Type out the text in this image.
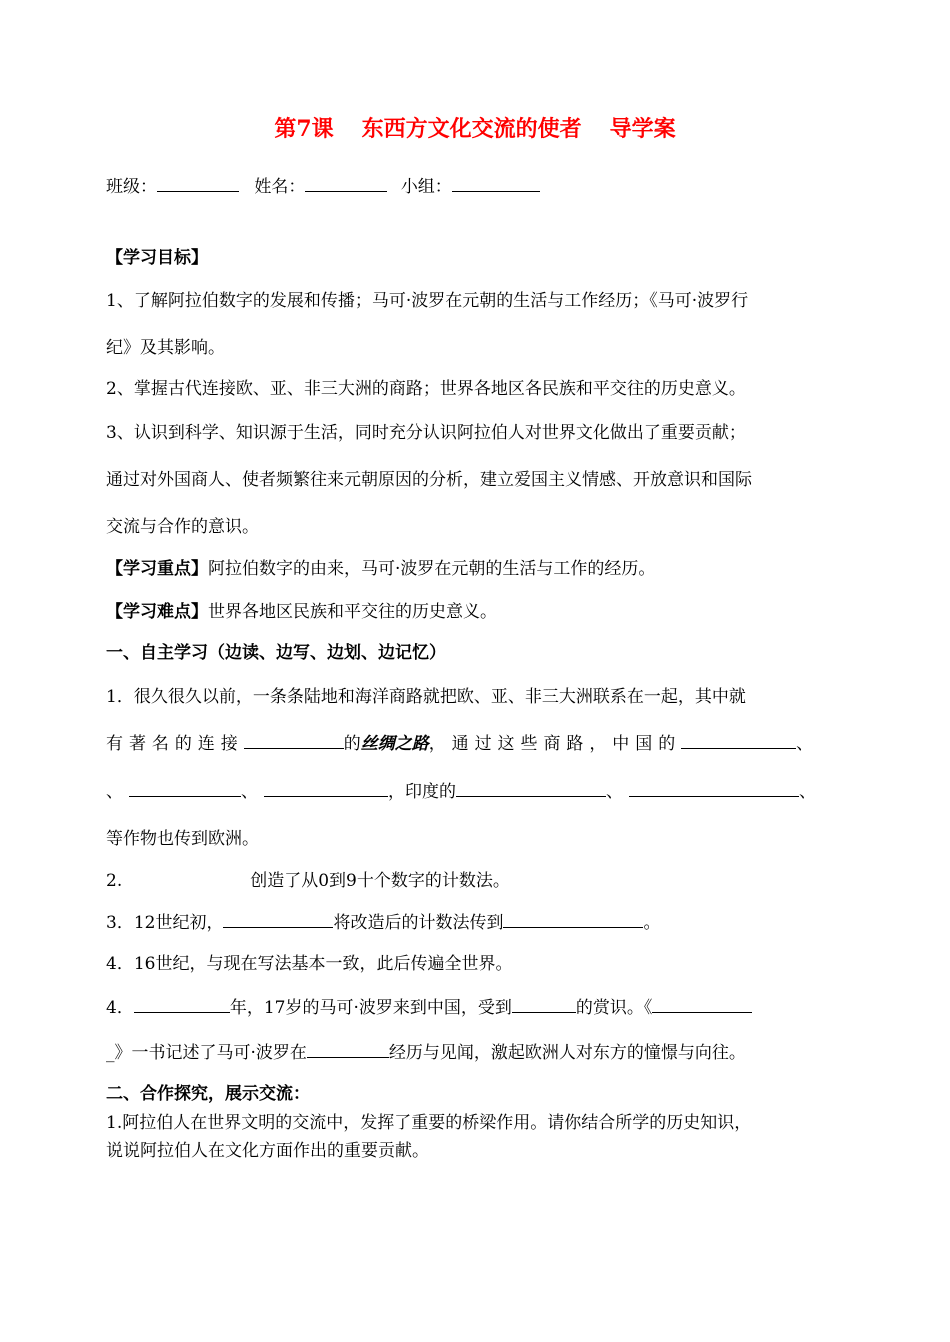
第7课 东西方文化交流的使者 导学案
班级：	姓名：	小组：
【学习目标】
1、了解阿拉伯数字的发展和传播；马可·波罗在元朝的生活与工作经历；《马可·波罗行
纪》及其影响。
2、掌握古代连接欧、亚、非三大洲的商路；世界各地区各民族和平交往的历史意义。
3、认识到科学、知识源于生活，同时充分认识阿拉伯人对世界文化做出了重要贡献；
通过对外国商人、使者频繁往来元朝原因的分析，建立爱国主义情感、开放意识和国际
交流与合作的意识。
【学习重点】阿拉伯数字的由来，马可·波罗在元朝的生活与工作的经历。
【学习难点】世界各地区民族和平交往的历史意义。
一、自主学习（边读、边写、边划、边记忆）
1．很久很久以前，一条条陆地和海洋商路就把欧、亚、非三大洲联系在一起，其中就
有著名的连接	的丝绸之路，通过这些商路，中国的	、
、	、	，印度的	、	、
等作物也传到欧洲。
2.	创造了从0到9十个数字的计数法。
3．12世纪初，	将改造后的计数法传到	。
4．16世纪，与现在写法基本一致，此后传遍全世界。
4．	年，17岁的马可·波罗来到中国，受到	的赏识。《
_》一书记述了马可·波罗在	经历与见闻，激起欧洲人对东方的憧憬与向往。
二、合作探究，展示交流：
1.阿拉伯人在世界文明的交流中，发挥了重要的桥梁作用。请你结合所学的历史知识，
说说阿拉伯人在文化方面作出的重要贡献。
